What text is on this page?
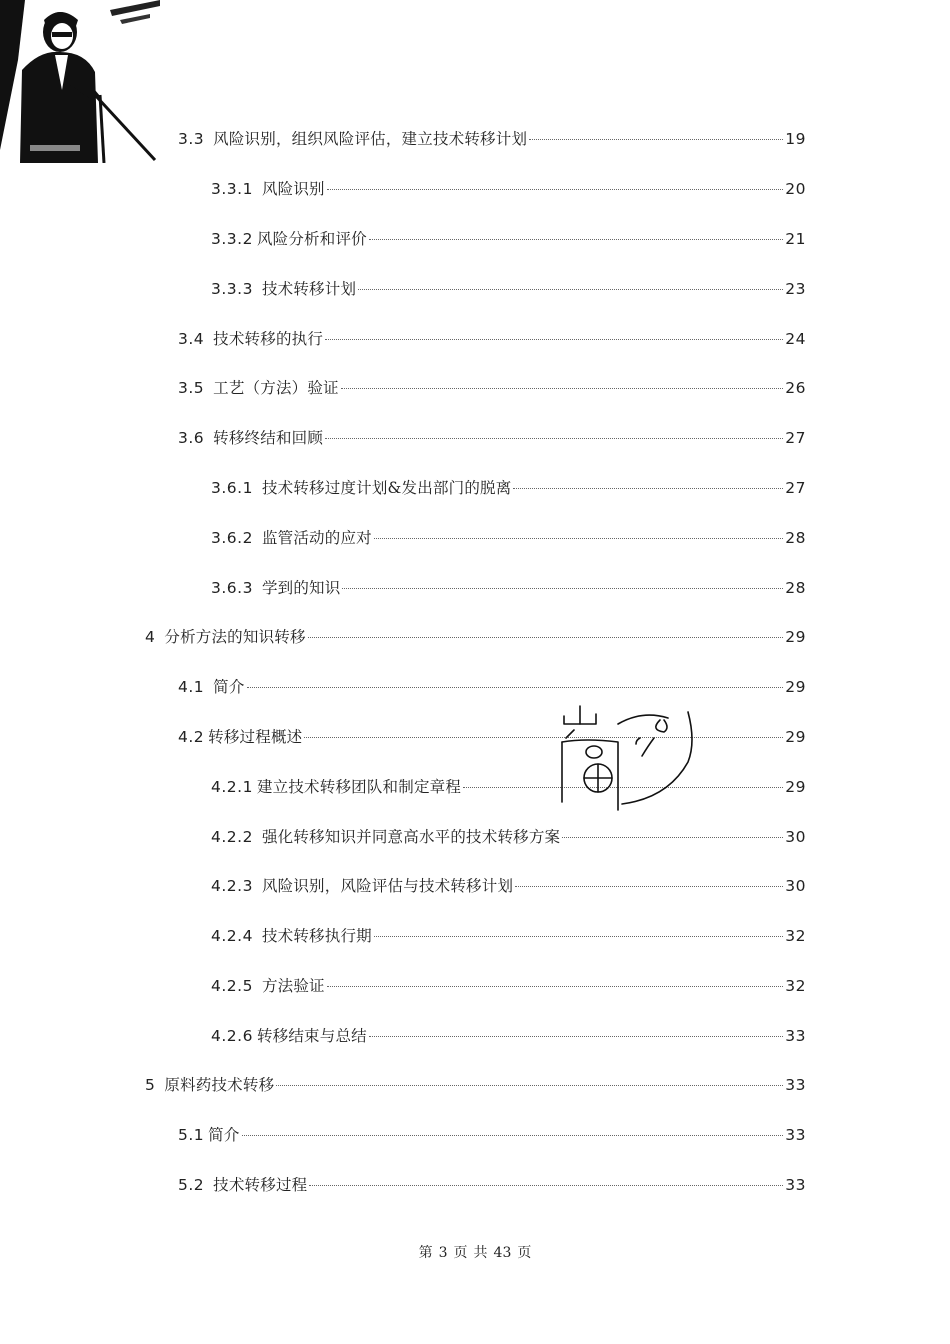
3.3 风险识别，组织风险评估，建立技术转移计划	19
3.3.1 风险识别	20
3.3.2 风险分析和评价	21
3.3.3 技术转移计划	23
3.4 技术转移的执行	24
3.5 工艺（方法）验证	26
3.6 转移终结和回顾	27
3.6.1 技术转移过度计划&发出部门的脱离	27
3.6.2 监管活动的应对	28
3.6.3 学到的知识	28
4 分析方法的知识转移	29
4.1 简介	29
4.2 转移过程概述	29
4.2.1 建立技术转移团队和制定章程	29
4.2.2 强化转移知识并同意高水平的技术转移方案	30
4.2.3 风险识别，风险评估与技术转移计划	30
4.2.4 技术转移执行期	32
4.2.5 方法验证	32
4.2.6 转移结束与总结	33
5 原料药技术转移	33
5.1 简介	33
5.2 技术转移过程	33
第 3 页 共 43 页
